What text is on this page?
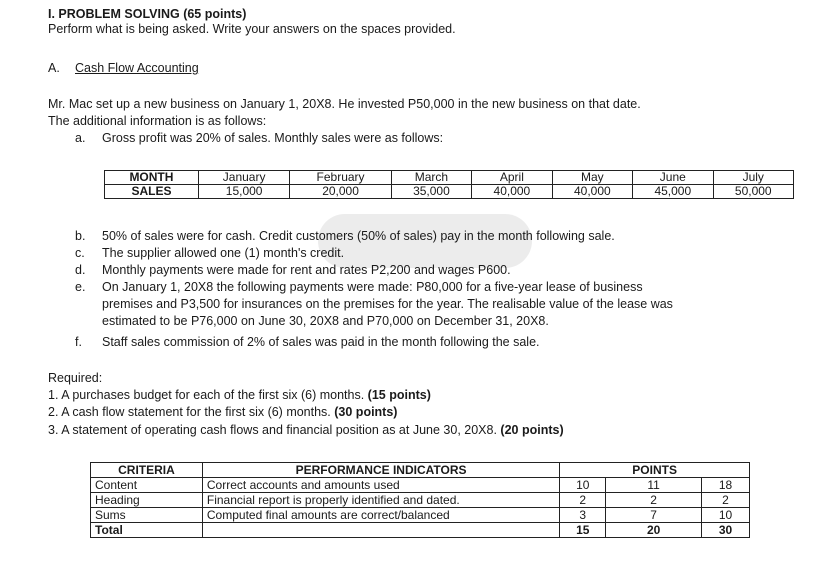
I. PROBLEM SOLVING (65 points)
Perform what is being asked. Write your answers on the spaces provided.
A. Cash Flow Accounting
Mr. Mac set up a new business on January 1, 20X8. He invested P50,000 in the new business on that date.
The additional information is as follows:
a. Gross profit was 20% of sales. Monthly sales were as follows:
MONTH	January	February	March	April	May	June	July
SALES	15,000	20,000	35,000	40,000	40,000	45,000	50,000
b. 50% of sales were for cash. Credit customers (50% of sales) pay in the month following sale.
c. The supplier allowed one (1) month's credit.
d. Monthly payments were made for rent and rates P2,200 and wages P600.
e. On January 1, 20X8 the following payments were made: P80,000 for a five-year lease of business
premises and P3,500 for insurances on the premises for the year. The realisable value of the lease was
estimated to be P76,000 on June 30, 20X8 and P70,000 on December 31, 20X8.
f. Staff sales commission of 2% of sales was paid in the month following the sale.
Required:
1. A purchases budget for each of the first six (6) months. (15 points)
2. A cash flow statement for the first six (6) months. (30 points)
3. A statement of operating cash flows and financial position as at June 30, 20X8. (20 points)
CRITERIA	PERFORMANCE INDICATORS	POINTS		
Content	Correct accounts and amounts used	10	11	18
Heading	Financial report is properly identified and dated.	2	2	2
Sums	Computed final amounts are correct/balanced	3	7	10
Total		15	20	30
